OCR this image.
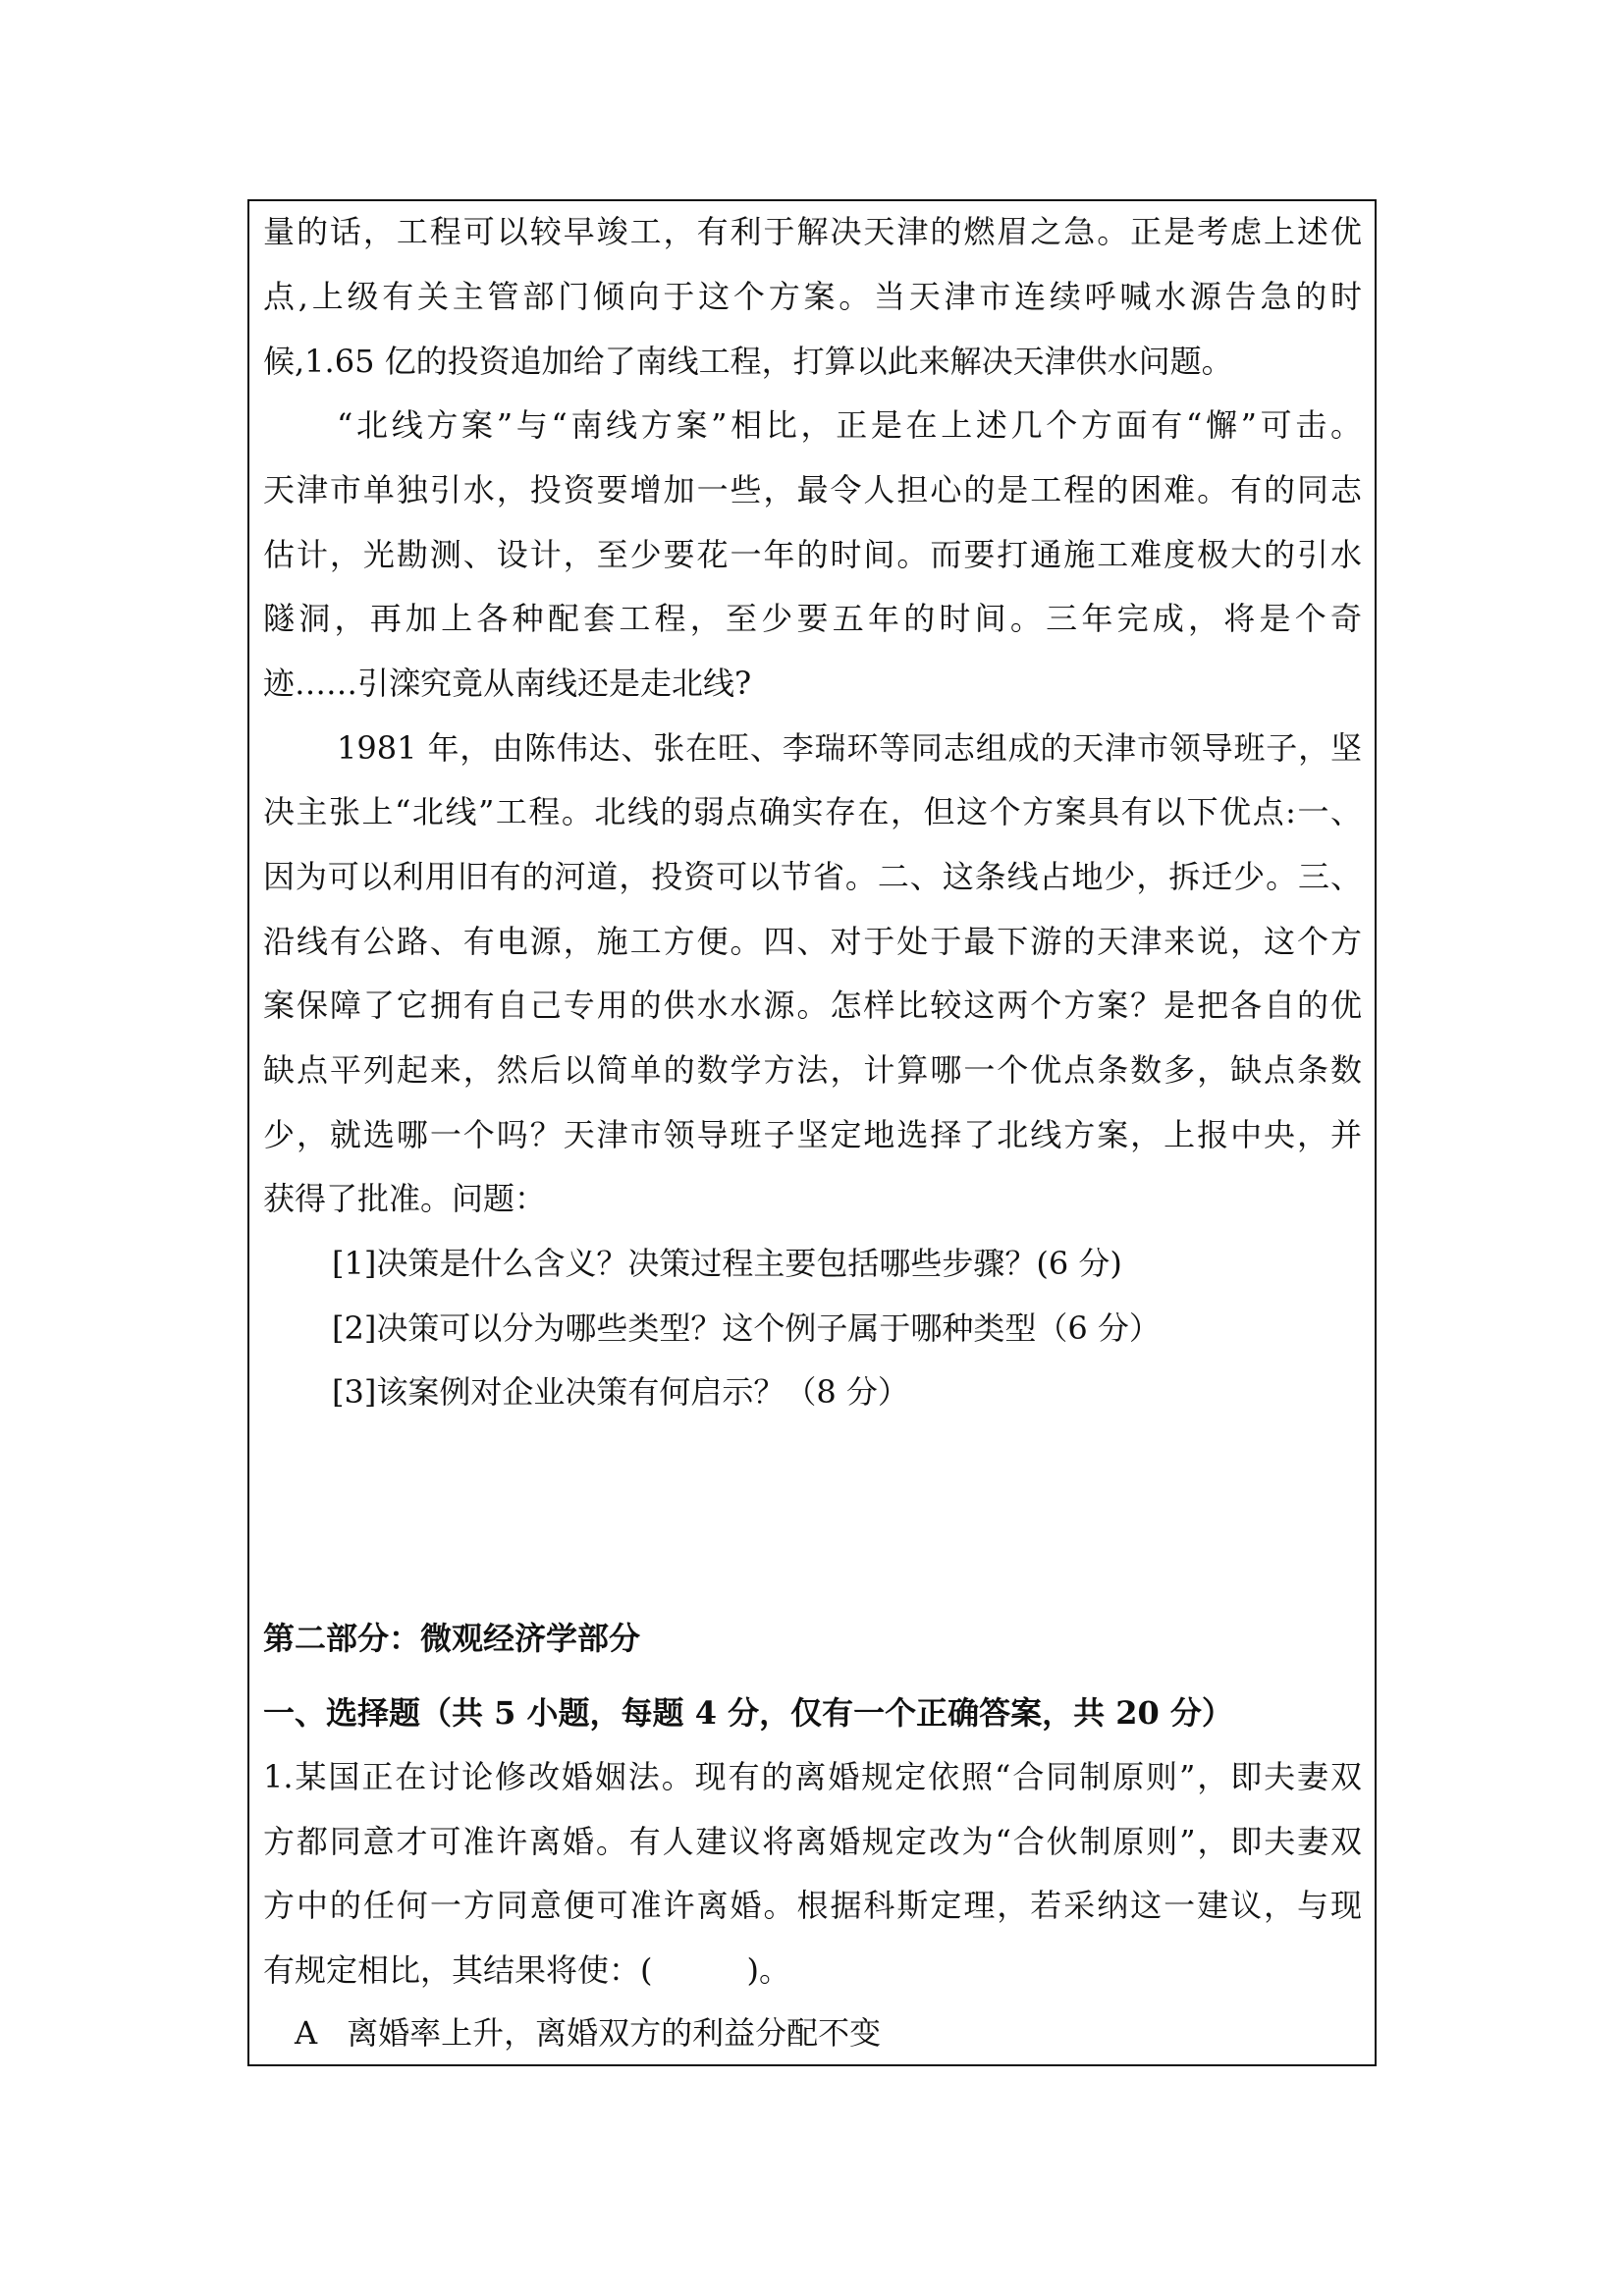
量的话，工程可以较早竣工，有利于解决天津的燃眉之急。正是考虑上述优
点,上级有关主管部门倾向于这个方案。当天津市连续呼喊水源告急的时
候,1.65 亿的投资追加给了南线工程，打算以此来解决天津供水问题。
“北线方案”与“南线方案”相比，正是在上述几个方面有“懈”可击。
天津市单独引水，投资要增加一些，最令人担心的是工程的困难。有的同志
估计，光勘测、设计，至少要花一年的时间。而要打通施工难度极大的引水
隧洞，再加上各种配套工程，至少要五年的时间。三年完成，将是个奇
迹……引滦究竟从南线还是走北线?
1981 年，由陈伟达、张在旺、李瑞环等同志组成的天津市领导班子，坚
决主张上“北线”工程。北线的弱点确实存在，但这个方案具有以下优点:一、
因为可以利用旧有的河道，投资可以节省。二、这条线占地少，拆迁少。三、
沿线有公路、有电源，施工方便。四、对于处于最下游的天津来说，这个方
案保障了它拥有自己专用的供水水源。怎样比较这两个方案？是把各自的优
缺点平列起来，然后以简单的数学方法，计算哪一个优点条数多，缺点条数
少，就选哪一个吗？天津市领导班子坚定地选择了北线方案，上报中央，并
获得了批准。问题：
[1]决策是什么含义？决策过程主要包括哪些步骤？(6 分)
[2]决策可以分为哪些类型？这个例子属于哪种类型（6 分）
[3]该案例对企业决策有何启示？（8 分）
第二部分：微观经济学部分
一、选择题（共 5 小题，每题 4 分，仅有一个正确答案，共 20 分）
1.某国正在讨论修改婚姻法。现有的离婚规定依照“合同制原则”，即夫妻双
方都同意才可准许离婚。有人建议将离婚规定改为“合伙制原则”，即夫妻双
方中的任何一方同意便可准许离婚。根据科斯定理，若采纳这一建议，与现
有规定相比，其结果将使：(　　　)。
A 离婚率上升，离婚双方的利益分配不变
